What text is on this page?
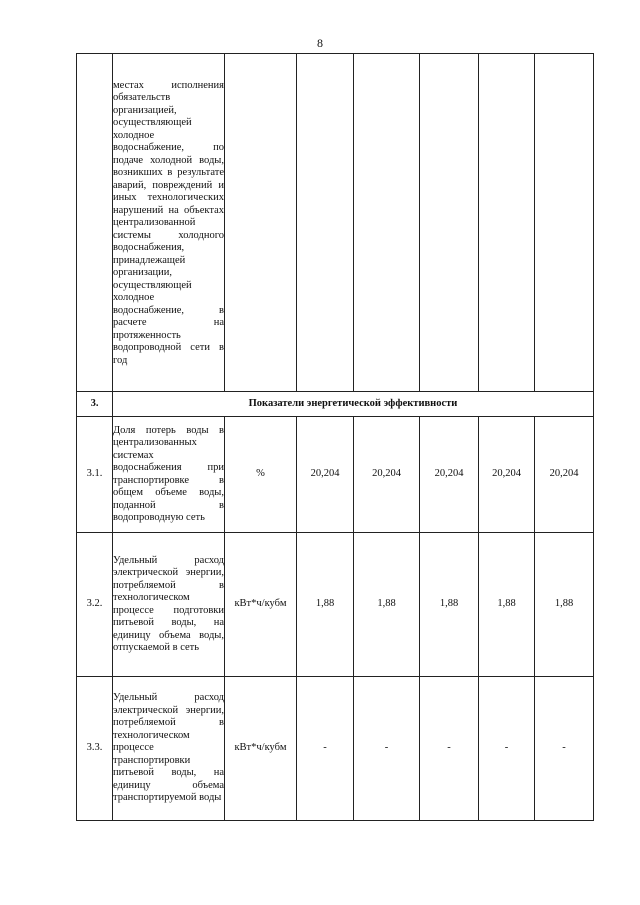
8
	местах исполнения обязательств организацией, осуществляющей холодное водоснабжение, по подаче холодной воды, возникших в результате аварий, повреждений и иных технологических нарушений на объектах централизованной системы холодного водоснабжения, принадлежащей организации, осуществляющей холодное водоснабжение, в расчете на протяженность водопроводной сети в год						
3.	Показатели энергетической эффективности						
3.1.	Доля потерь воды в централизованных системах водоснабжения при транспортировке в общем объеме воды, поданной в водопроводную сеть	%	20,204	20,204	20,204	20,204	20,204
3.2.	Удельный расход электрической энергии, потребляемой в технологическом процессе подготовки питьевой воды, на единицу объема воды, отпускаемой в сеть	кВт*ч/кубм	1,88	1,88	1,88	1,88	1,88
3.3.	Удельный расход электрической энергии, потребляемой в технологическом процессе транспортировки питьевой воды, на единицу объема транспортируемой воды	кВт*ч/кубм	-	-	-	-	-
